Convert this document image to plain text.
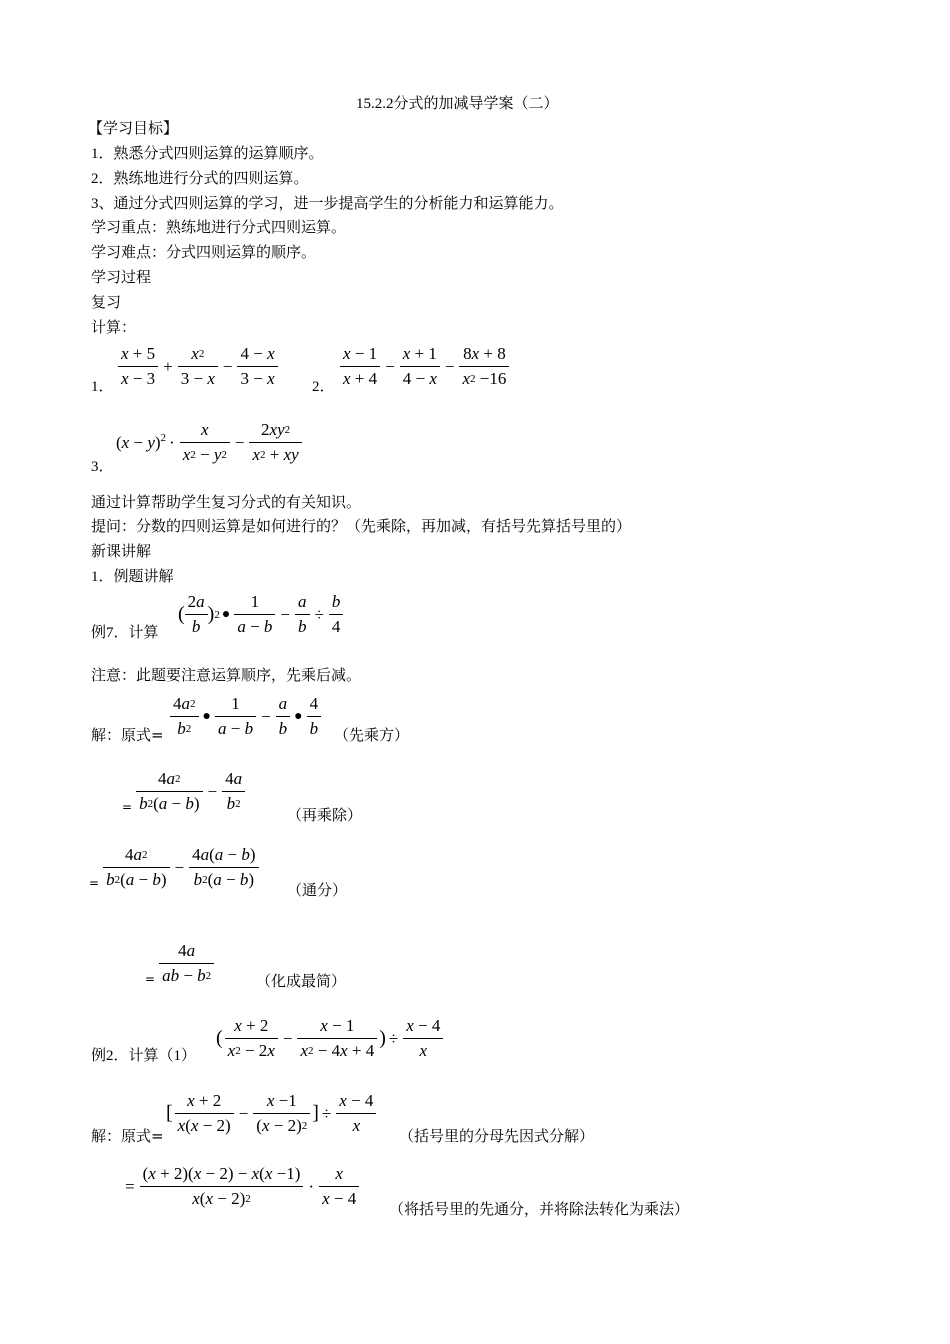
15.2.2分式的加减导学案（二）
【学习目标】
1．熟悉分式四则运算的运算顺序。
2．熟练地进行分式的四则运算。
3、通过分式四则运算的学习，进一步提高学生的分析能力和运算能力。
学习重点：熟练地进行分式四则运算。
学习难点：分式四则运算的顺序。
学习过程
复习
计算：
1． $\frac{x + 5}{x - 3} + \frac{x 2}{3 - x} - \frac{4 - x}{3 - x} 2$． $\frac{x - 1}{x + 4} - \frac{x + 1}{4 - x} - \frac{8 x + 8}{x 2 -16}$
3．
$(x - y)^2 \cdot \frac{x}{x 2 - y 2} - \frac{2 xy 2}{x 2 + xy}$
通过计算帮助学生复习分式的有关知识。
提问：分数的四则运算是如何进行的？（先乘除，再加减，有括号先算括号里的）
新课讲解
1．例题讲解
例7．计算
( $\frac{2 a}{b}$ ) 2 ● $\frac{1}{a - b} - \frac{a}{b} \div \frac{b}{4}$
注意：此题要注意运算顺序，先乘后减。
解：原式= $\frac{4 a 2}{b 2}$ ● $\frac{1}{a - b} - \frac{a}{b}$ ● $\frac{4}{b}$ （先乘方）
= $\frac{4 a 2}{b 2 ( a - b )} - \frac{4 a}{b 2}$	（再乘除）
= $\frac{4 a 2}{b 2 ( a - b )} - \frac{4 a ( a - b )}{b 2 ( a - b )}$ （通分）
= $\frac{4 a}{ab - b 2}$	（化成最简）
例2．计算（1）
( $\frac{x + 2}{x 2 - 2 x} - \frac{x - 1}{x 2 - 4 x + 4}$ ) ÷ $\frac{x - 4}{x}$
解：原式=
[ $\frac{x + 2}{x ( x - 2)} - \frac{x -1}{( x - 2) 2}$ ] ÷ $\frac{x - 4}{x}$ （括号里的分母先因式分解）
= $\frac{( x + 2)( x - 2) - x ( x -1)}{x ( x - 2) 2} \cdot \frac{x}{x - 4}$ （将括号里的先通分，并将除法转化为乘法）
